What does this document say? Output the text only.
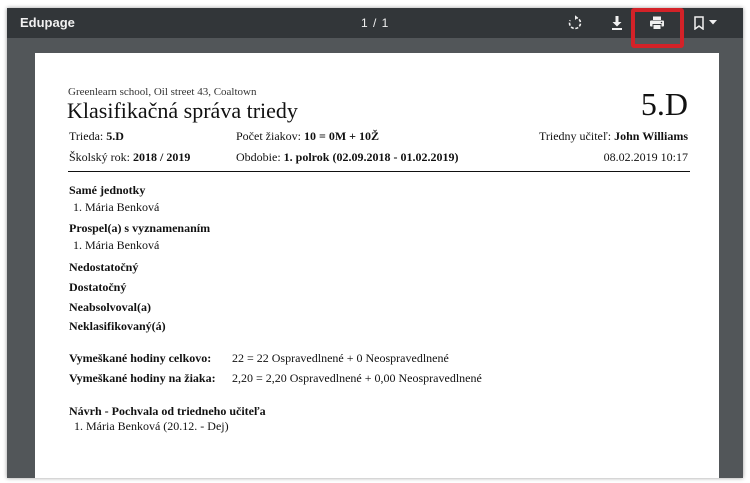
Edupage	1 / 1
Greenlearn school, Oil street 43, Coaltown
Klasifikačná správa triedy	5.D
Trieda: 5.D	Počet žiakov: 10 = 0M + 10Ž	Triedny učiteľ: John Williams
Školský rok: 2018 / 2019	Obdobie: 1. polrok (02.09.2018 - 01.02.2019)	08.02.2019 10:17
Samé jednotky
1. Mária Benková
Prospel(a) s vyznamenaním
1. Mária Benková
Nedostatočný
Dostatočný
Neabsolvoval(a)
Neklasifikovaný(á)
Vymeškané hodiny celkovo: 22 = 22 Ospravedlnené + 0 Neospravedlnené
Vymeškané hodiny na žiaka: 2,20 = 2,20 Ospravedlnené + 0,00 Neospravedlnené
Návrh - Pochvala od triedneho učiteľa
1. Mária Benková (20.12. - Dej)
